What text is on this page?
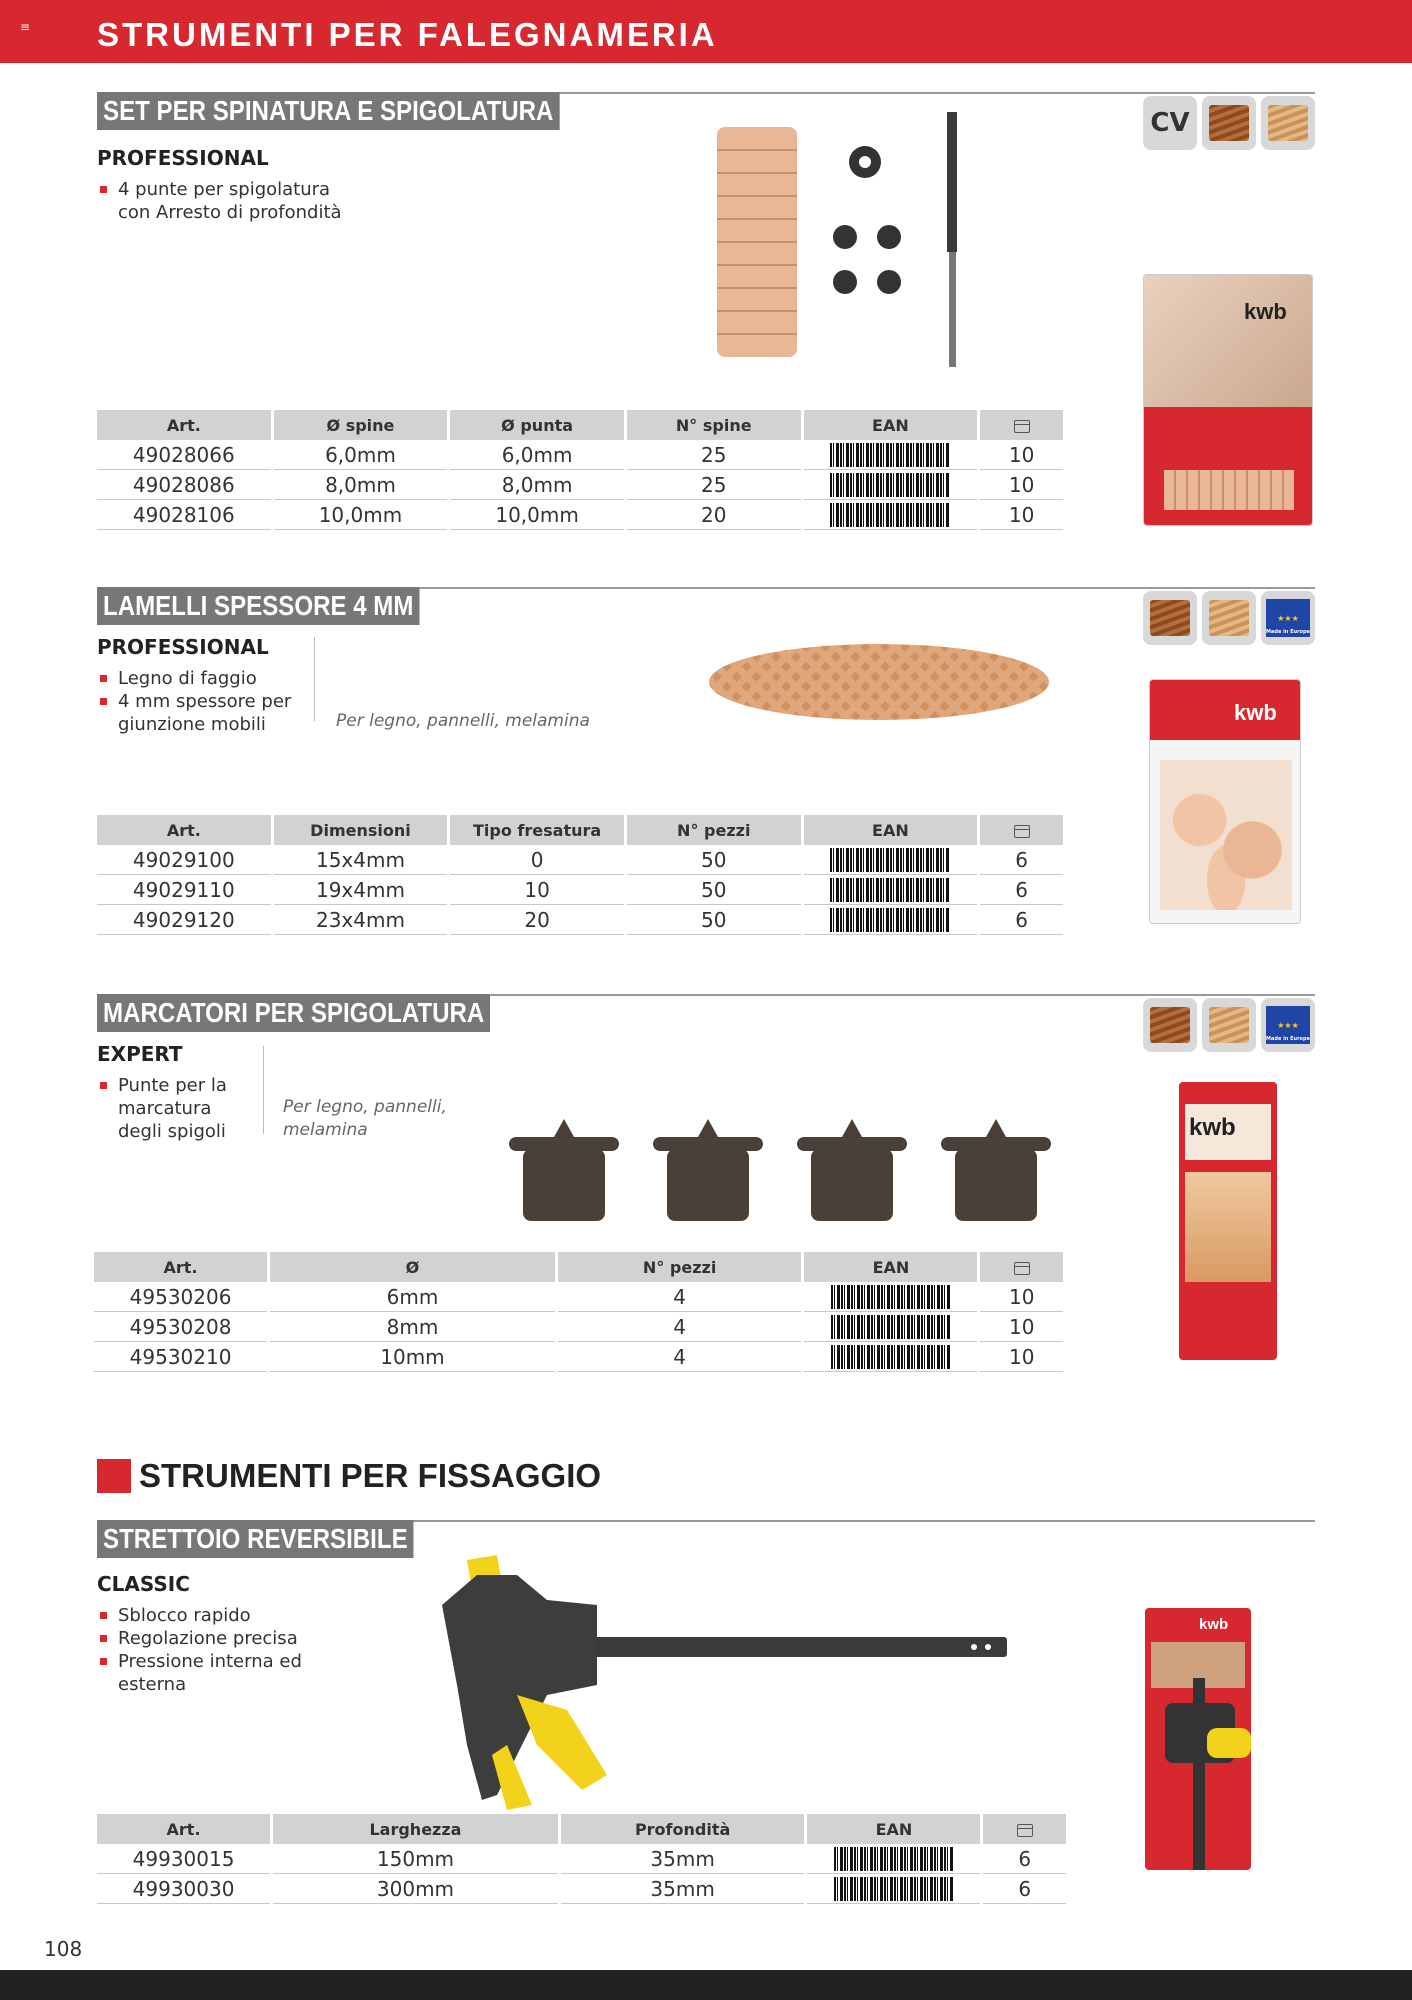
≡ STRUMENTI PER FALEGNAMERIA
SET PER SPINATURA E SPIGOLATURA
PROFESSIONAL
4 punte per spigolatura con Arresto di profondità
CV
kwb
Art.	Ø spine	Ø punta	N° spine	EAN	
49028066	6,0mm	6,0mm	25		10
49028086	8,0mm	8,0mm	25		10
49028106	10,0mm	10,0mm	20		10
LAMELLI SPESSORE 4 MM
PROFESSIONAL
Legno di faggio
4 mm spessore per giunzione mobili	Per legno, pannelli, melamina
★★★
Made in Europe
kwb
Art.	Dimensioni	Tipo fresatura	N° pezzi	EAN	
49029100	15x4mm	0	50		6
49029110	19x4mm	10	50		6
49029120	23x4mm	20	50		6
MARCATORI PER SPIGOLATURA
EXPERT
Punte per la marcatura degli spigoli
Per legno, pannelli, melamina
★★★
Made in Europe
kwb
Art.	Ø	N° pezzi	EAN	
49530206	6mm	4		10
49530208	8mm	4		10
49530210	10mm	4		10
STRUMENTI PER FISSAGGIO
STRETTOIO REVERSIBILE
CLASSIC
Sblocco rapido
Regolazione precisa
Pressione interna ed esterna
kwb
Art.	Larghezza	Profondità	EAN	
49930015	150mm	35mm		6
49930030	300mm	35mm		6
108
